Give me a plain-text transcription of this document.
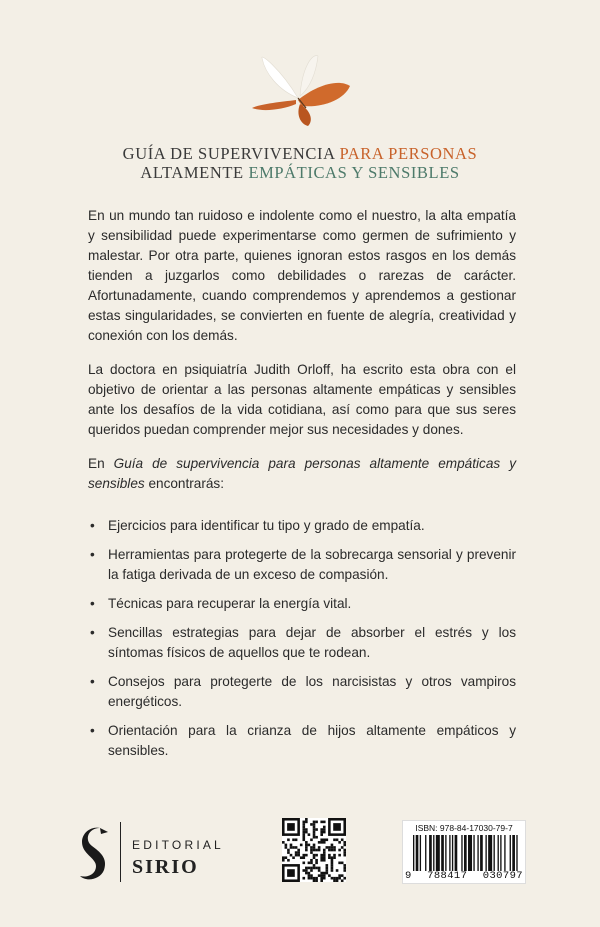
GUÍA DE SUPERVIVENCIA PARA PERSONAS
ALTAMENTE EMPÁTICAS Y SENSIBLES

En un mundo tan ruidoso e indolente como el nuestro, la alta empatía y sensibilidad puede experimentarse como germen de sufrimiento y malestar. Por otra parte, quienes ignoran estos rasgos en los demás tienden a juzgarlos como debilidades o rarezas de carácter. Afortunadamente, cuando comprendemos y aprendemos a gestionar estas singularidades, se convierten en fuente de alegría, creatividad y conexión con los demás.

La doctora en psiquiatría Judith Orloff, ha escrito esta obra con el objetivo de orientar a las personas altamente empáticas y sensibles ante los desafíos de la vida cotidiana, así como para que sus seres queridos puedan comprender mejor sus necesidades y dones.

En Guía de supervivencia para personas altamente empáticas y sensibles encontrarás:

• Ejercicios para identificar tu tipo y grado de empatía.
• Herramientas para protegerte de la sobrecarga sensorial y prevenir la fatiga derivada de un exceso de compasión.
• Técnicas para recuperar la energía vital.
• Sencillas estrategias para dejar de absorber el estrés y los síntomas físicos de aquellos que te rodean.
• Consejos para protegerte de los narcisistas y otros vampiros energéticos.
• Orientación para la crianza de hijos altamente empáticos y sensibles.
EDITORIAL
SIRIO
ISBN: 978-84-17030-79-7
9 788417 030797
